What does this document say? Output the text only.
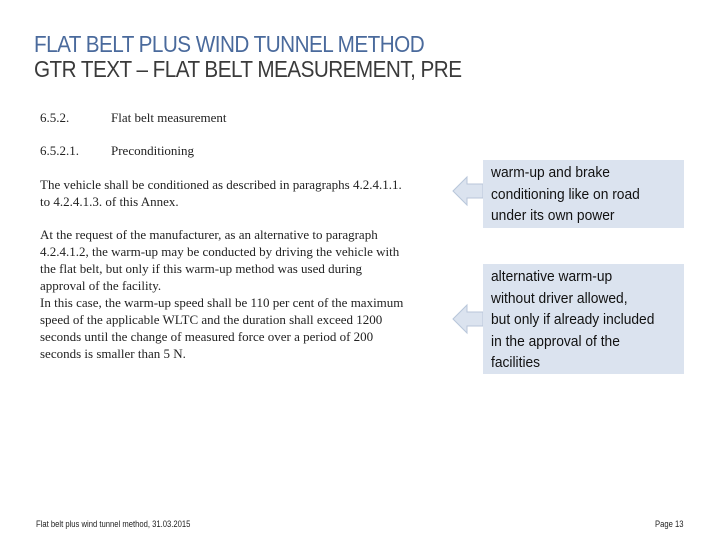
FLAT BELT PLUS WIND TUNNEL METHOD
GTR TEXT – FLAT BELT MEASUREMENT, PRE
6.5.2.	Flat belt measurement
6.5.2.1. Preconditioning
The vehicle shall be conditioned as described in paragraphs 4.2.4.1.1.
to 4.2.4.1.3. of this Annex.
At the request of the manufacturer, as an alternative to paragraph
4.2.4.1.2, the warm-up may be conducted by driving the vehicle with
the flat belt, but only if this warm-up method was used during
approval of the facility.
In this case, the warm-up speed shall be 110 per cent of the maximum
speed of the applicable WLTC and the duration shall exceed 1200
seconds until the change of measured force over a period of 200
seconds is smaller than 5 N.
warm-up and brake
conditioning like on road
under its own power
alternative warm-up
without driver allowed,
but only if already included
in the approval of the
facilities
Flat belt plus wind tunnel method, 31.03.2015	Page 13
